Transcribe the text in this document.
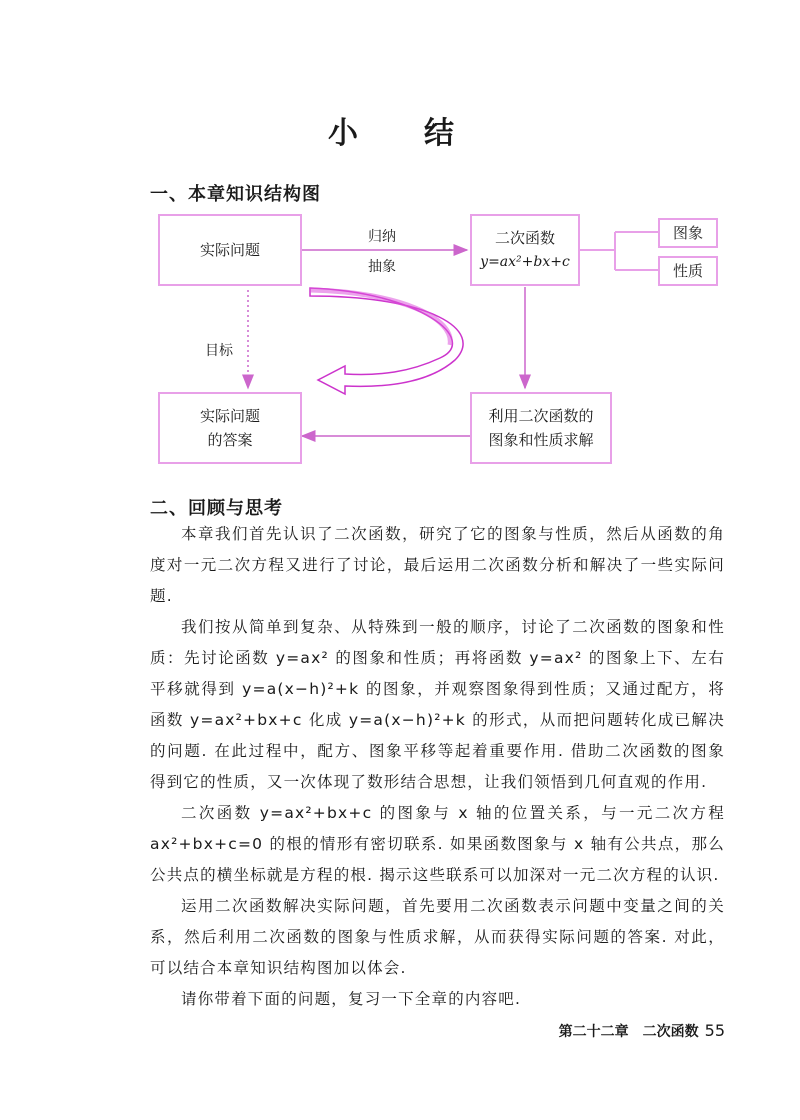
小　结
一、本章知识结构图
实际问题
二次函数
y=ax²+bx+c
图象
性质
实际问题
的答案
利用二次函数的
图象和性质求解
归纳
抽象
目标
二、回顾与思考

本章我们首先认识了二次函数，研究了它的图象与性质，然后从函数的角度对一元二次方程又进行了讨论，最后运用二次函数分析和解决了一些实际问题.

我们按从简单到复杂、从特殊到一般的顺序，讨论了二次函数的图象和性质：先讨论函数 y=ax² 的图象和性质；再将函数 y=ax² 的图象上下、左右平移就得到 y=a(x−h)²+k 的图象，并观察图象得到性质；又通过配方，将函数 y=ax²+bx+c 化成 y=a(x−h)²+k 的形式，从而把问题转化成已解决的问题. 在此过程中，配方、图象平移等起着重要作用. 借助二次函数的图象得到它的性质，又一次体现了数形结合思想，让我们领悟到几何直观的作用.

二次函数 y=ax²+bx+c 的图象与 x 轴的位置关系，与一元二次方程 ax²+bx+c=0 的根的情形有密切联系. 如果函数图象与 x 轴有公共点，那么公共点的横坐标就是方程的根. 揭示这些联系可以加深对一元二次方程的认识.

运用二次函数解决实际问题，首先要用二次函数表示问题中变量之间的关系，然后利用二次函数的图象与性质求解，从而获得实际问题的答案. 对此，可以结合本章知识结构图加以体会.

请你带着下面的问题，复习一下全章的内容吧.

第二十二章　二次函数 55
